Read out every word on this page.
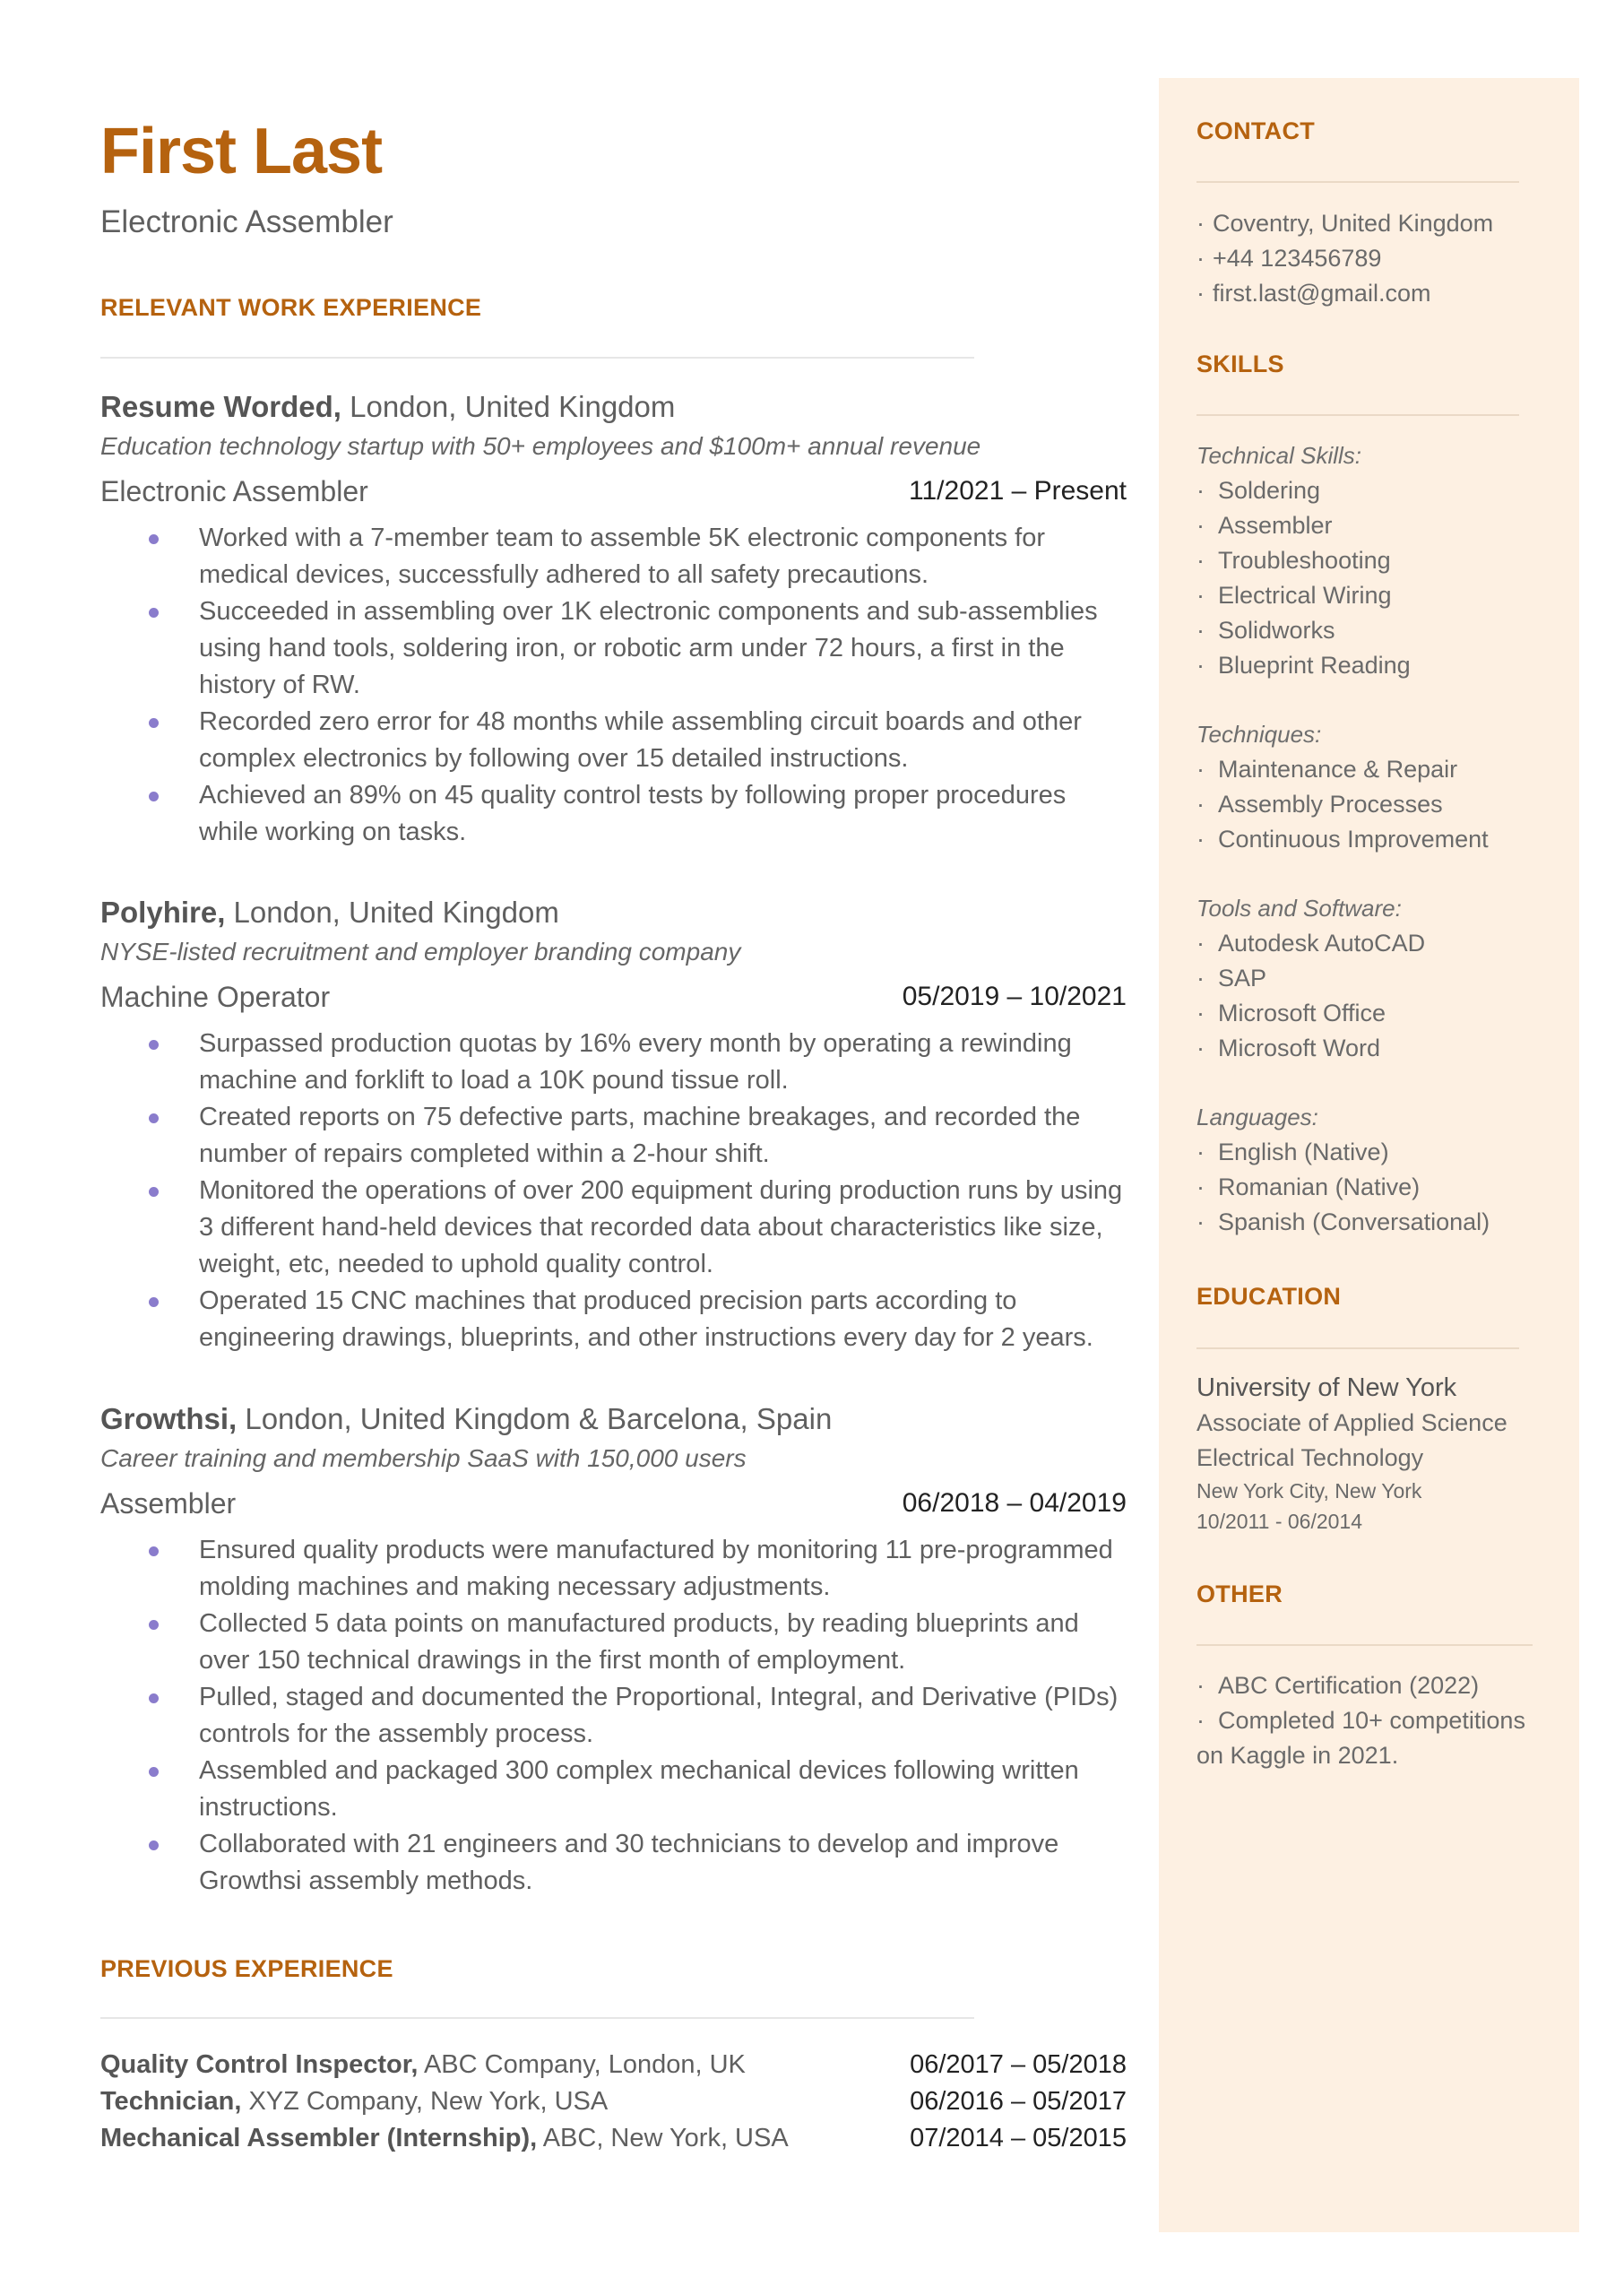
First Last
Electronic Assembler
RELEVANT WORK EXPERIENCE
Resume Worded, London, United Kingdom
Education technology startup with 50+ employees and $100m+ annual revenue
Electronic Assembler	11/2021 – Present
Worked with a 7-member team to assemble 5K electronic components for medical devices, successfully adhered to all safety precautions.
Succeeded in assembling over 1K electronic components and sub-assemblies using hand tools, soldering iron, or robotic arm under 72 hours, a first in the history of RW.
Recorded zero error for 48 months while assembling circuit boards and other complex electronics by following over 15 detailed instructions.
Achieved an 89% on 45 quality control tests by following proper procedures while working on tasks.
Polyhire, London, United Kingdom
NYSE-listed recruitment and employer branding company
Machine Operator	05/2019 – 10/2021
Surpassed production quotas by 16% every month by operating a rewinding machine and forklift to load a 10K pound tissue roll.
Created reports on 75 defective parts, machine breakages, and recorded the number of repairs completed within a 2-hour shift.
Monitored the operations of over 200 equipment during production runs by using 3 different hand-held devices that recorded data about characteristics like size, weight, etc, needed to uphold quality control.
Operated 15 CNC machines that produced precision parts according to engineering drawings, blueprints, and other instructions every day for 2 years.
Growthsi, London, United Kingdom & Barcelona, Spain
Career training and membership SaaS with 150,000 users
Assembler	06/2018 – 04/2019
Ensured quality products were manufactured by monitoring 11 pre-programmed molding machines and making necessary adjustments.
Collected 5 data points on manufactured products, by reading blueprints and over 150 technical drawings in the first month of employment.
Pulled, staged and documented the Proportional, Integral, and Derivative (PIDs) controls for the assembly process.
Assembled and packaged 300 complex mechanical devices following written instructions.
Collaborated with 21 engineers and 30 technicians to develop and improve Growthsi assembly methods.
PREVIOUS EXPERIENCE
Quality Control Inspector, ABC Company, London, UK	06/2017 – 05/2018
Technician, XYZ Company, New York, USA	06/2016 – 05/2017
Mechanical Assembler (Internship), ABC, New York, USA	07/2014 – 05/2015
CONTACT
· Coventry, United Kingdom
· +44 123456789
· first.last@gmail.com
SKILLS
Technical Skills:
· Soldering
· Assembler
· Troubleshooting
· Electrical Wiring
· Solidworks
· Blueprint Reading
Techniques:
· Maintenance & Repair
· Assembly Processes
· Continuous Improvement
Tools and Software:
· Autodesk AutoCAD
· SAP
· Microsoft Office
· Microsoft Word
Languages:
· English (Native)
· Romanian (Native)
· Spanish (Conversational)
EDUCATION
University of New York
Associate of Applied Science
Electrical Technology
New York City, New York
10/2011 - 06/2014
OTHER
· ABC Certification (2022)
· Completed 10+ competitions on Kaggle in 2021.
